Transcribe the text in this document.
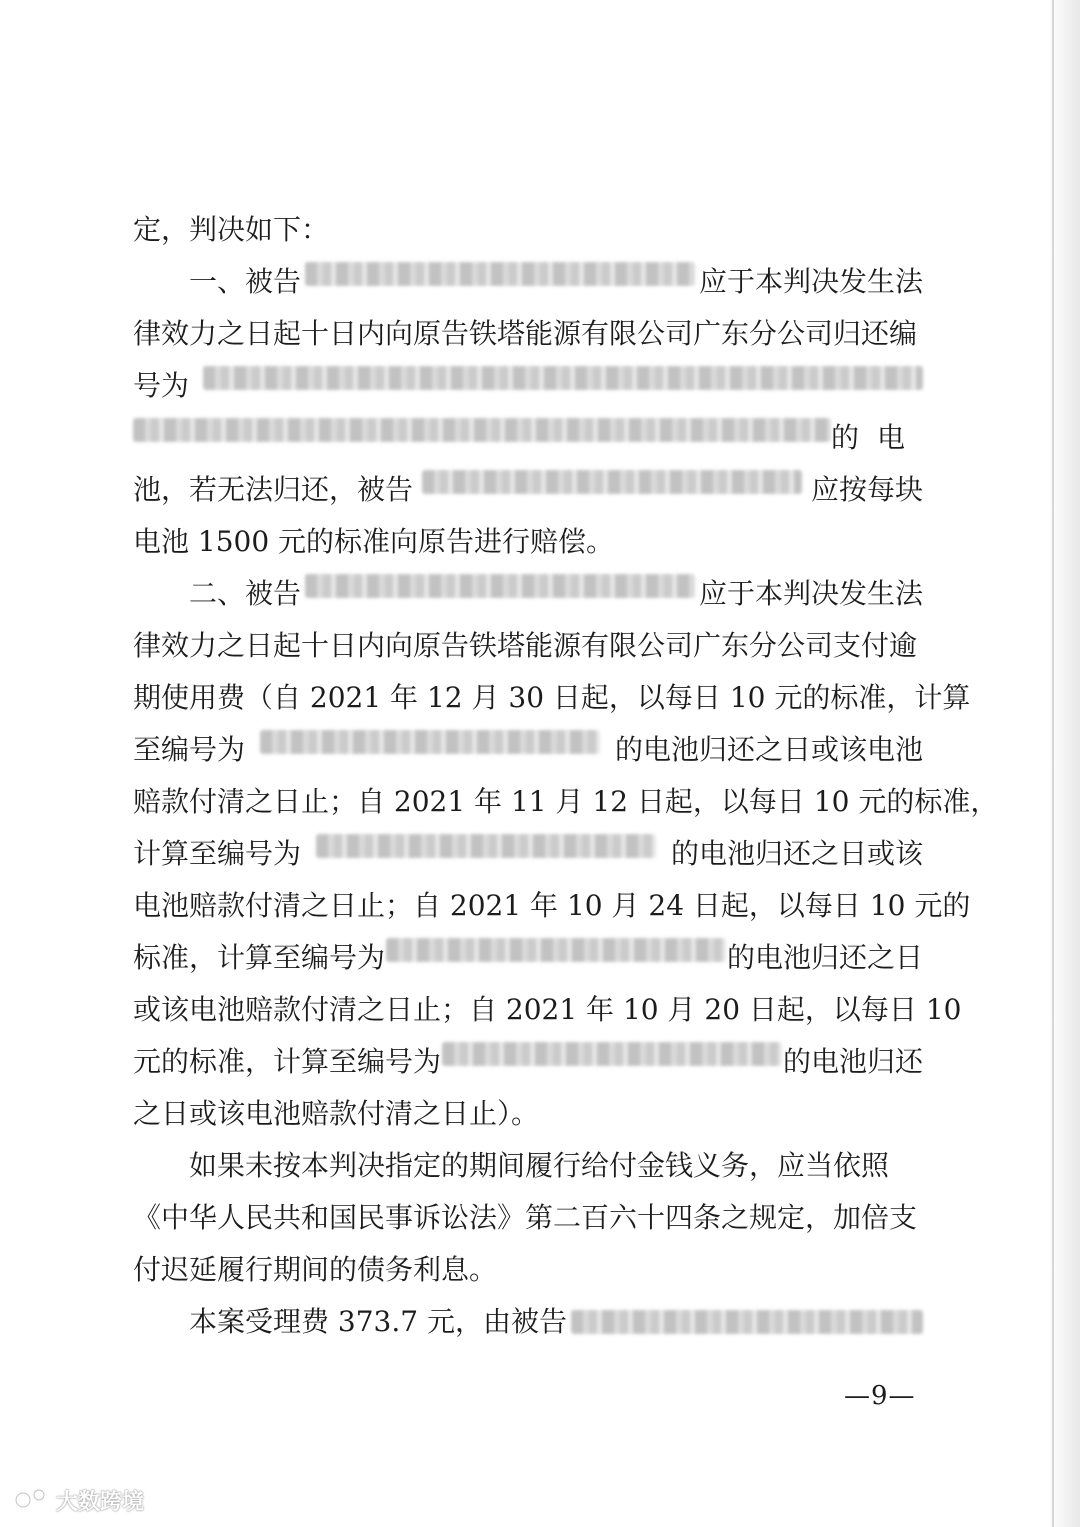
定，判决如下：
一、被告	应于本判决发生法
律效力之日起十日内向原告铁塔能源有限公司广东分公司归还编
号为
的电
池，若无法归还，被告	应按每块
电池 1500 元的标准向原告进行赔偿。
二、被告	应于本判决发生法
律效力之日起十日内向原告铁塔能源有限公司广东分公司支付逾
期使用费（自 2021 年 12 月 30 日起，以每日 10 元的标准，计算
至编号为	的电池归还之日或该电池
赔款付清之日止；自 2021 年 11 月 12 日起，以每日 10 元的标准，
计算至编号为	的电池归还之日或该
电池赔款付清之日止；自 2021 年 10 月 24 日起，以每日 10 元的
标准，计算至编号为	的电池归还之日
或该电池赔款付清之日止；自 2021 年 10 月 20 日起，以每日 10
元的标准，计算至编号为	的电池归还
之日或该电池赔款付清之日止）。
如果未按本判决指定的期间履行给付金钱义务，应当依照
《中华人民共和国民事诉讼法》第二百六十四条之规定，加倍支
付迟延履行期间的债务利息。
本案受理费 373.7 元，由被告
—9—
大数跨境
